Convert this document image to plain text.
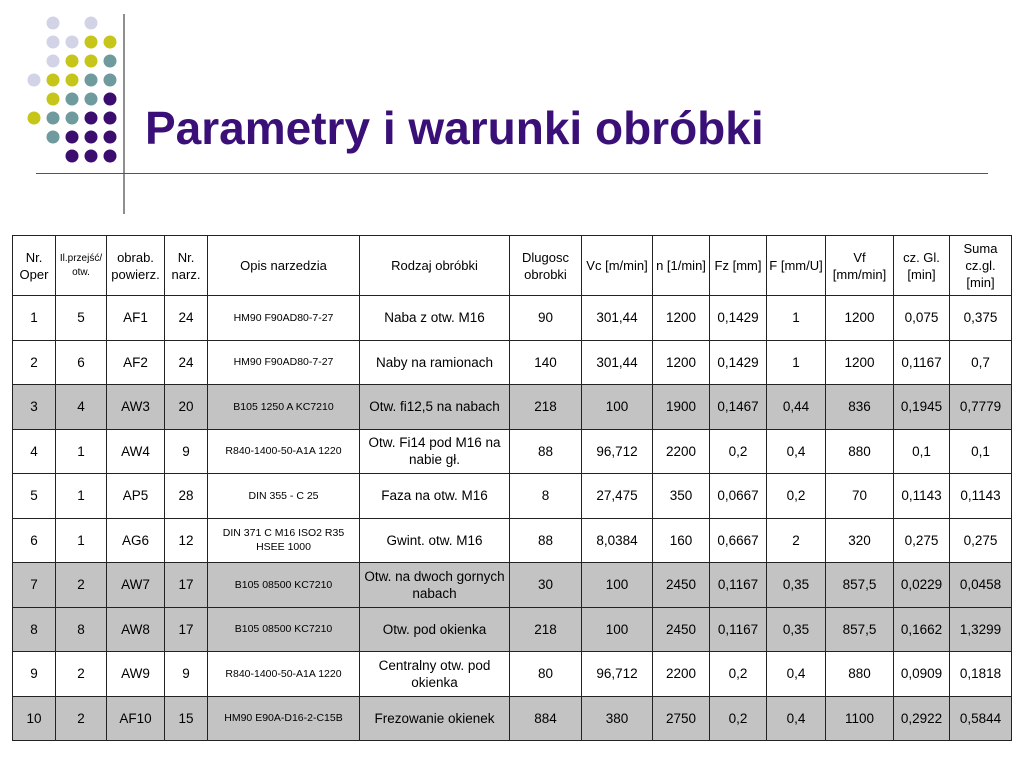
Parametry i warunki obróbki
Nr. Oper	Il.przejść/otw.	obrab. powierz.	Nr. narz.	Opis narzedzia	Rodzaj obróbki	Dlugosc obrobki	Vc [m/min]	n [1/min]	Fz [mm]	F [mm/U]	Vf [mm/min]	cz. Gl. [min]	Suma cz.gl. [min]
1	5	AF1	24	HM90 F90AD80-7-27	Naba z otw. M16	90	301,44	1200	0,1429	1	1200	0,075	0,375
2	6	AF2	24	HM90 F90AD80-7-27	Naby na ramionach	140	301,44	1200	0,1429	1	1200	0,1167	0,7
3	4	AW3	20	B105 1250 A KC7210	Otw. fi12,5 na nabach	218	100	1900	0,1467	0,44	836	0,1945	0,7779
4	1	AW4	9	R840-1400-50-A1A 1220	Otw. Fi14 pod M16 na nabie gł.	88	96,712	2200	0,2	0,4	880	0,1	0,1
5	1	AP5	28	DIN 355 - C 25	Faza na otw. M16	8	27,475	350	0,0667	0,2	70	0,1143	0,1143
6	1	AG6	12	DIN 371 C M16 ISO2 R35 HSEE 1000	Gwint. otw. M16	88	8,0384	160	0,6667	2	320	0,275	0,275
7	2	AW7	17	B105 08500 KC7210	Otw. na dwoch gornych nabach	30	100	2450	0,1167	0,35	857,5	0,0229	0,0458
8	8	AW8	17	B105 08500 KC7210	Otw. pod okienka	218	100	2450	0,1167	0,35	857,5	0,1662	1,3299
9	2	AW9	9	R840-1400-50-A1A 1220	Centralny otw. pod okienka	80	96,712	2200	0,2	0,4	880	0,0909	0,1818
10	2	AF10	15	HM90 E90A-D16-2-C15B	Frezowanie okienek	884	380	2750	0,2	0,4	1100	0,2922	0,5844
